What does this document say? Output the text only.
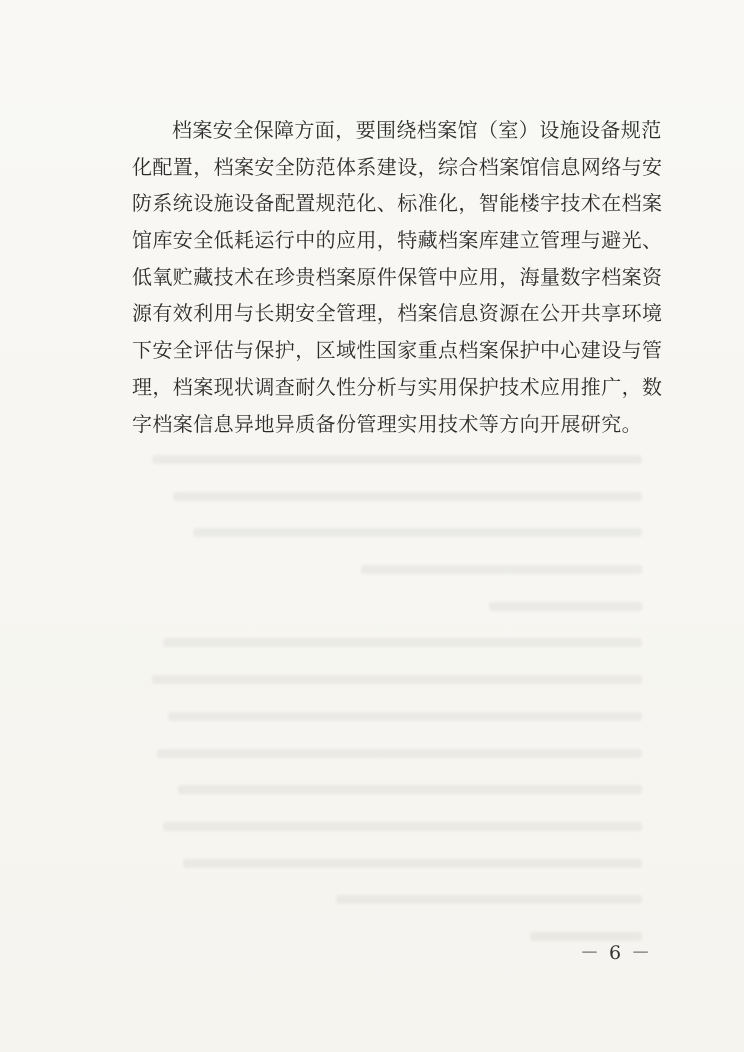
档案安全保障方面，要围绕档案馆（室）设施设备规范
化配置，档案安全防范体系建设，综合档案馆信息网络与安
防系统设施设备配置规范化、标准化，智能楼宇技术在档案
馆库安全低耗运行中的应用，特藏档案库建立管理与避光、
低氧贮藏技术在珍贵档案原件保管中应用，海量数字档案资
源有效利用与长期安全管理，档案信息资源在公开共享环境
下安全评估与保护，区域性国家重点档案保护中心建设与管
理，档案现状调查耐久性分析与实用保护技术应用推广，数
字档案信息异地异质备份管理实用技术等方向开展研究。
－ 6 －
